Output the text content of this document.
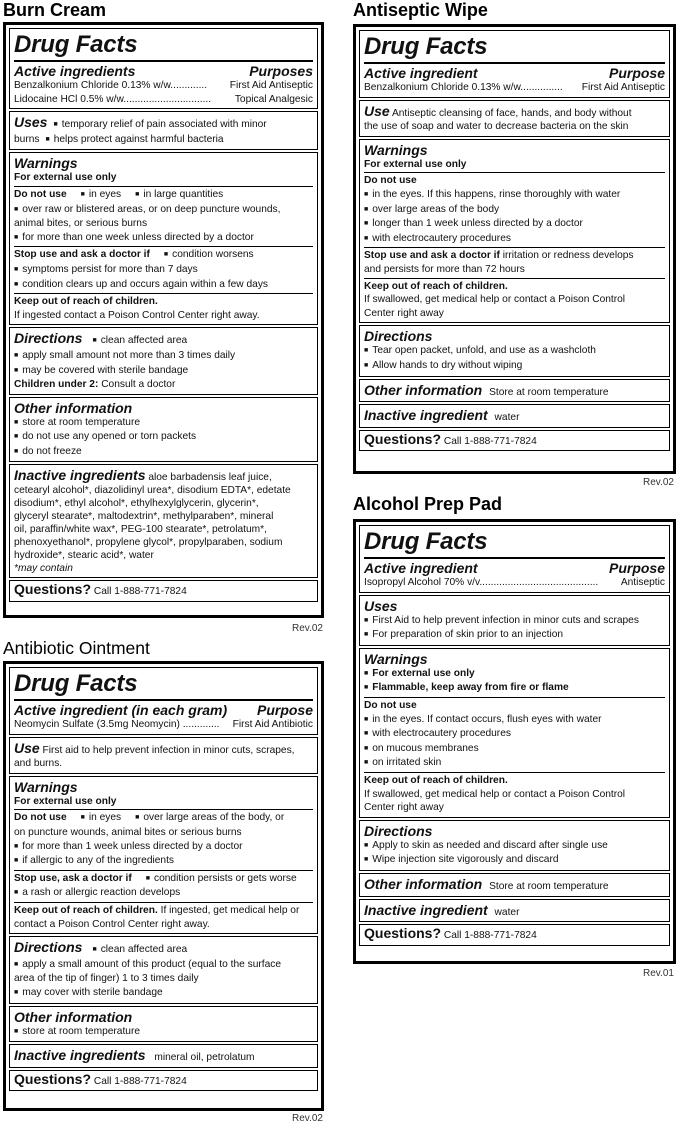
Burn Cream
Drug Facts
Active ingredients	Purposes
Benzalkonium Chloride 0.13% w/w............. First Aid Antiseptic
Lidocaine HCl 0.5% w/w............................... Topical Analgesic
Uses ■ temporary relief of pain associated with minor
burns ■ helps protect against harmful bacteria
Warnings
For external use only
Do not use ■ in eyes ■ in large quantities
■ over raw or blistered areas, or on deep puncture wounds,
animal bites, or serious burns
■ for more than one week unless directed by a doctor
Stop use and ask a doctor if ■ condition worsens
■ symptoms persist for more than 7 days
■ condition clears up and occurs again within a few days
Keep out of reach of children.
If ingested contact a Poison Control Center right away.
Directions ■ clean affected area
■ apply small amount not more than 3 times daily
■ may be covered with sterile bandage
Children under 2: Consult a doctor
Other information
■ store at room temperature
■ do not use any opened or torn packets
■ do not freeze
Inactive ingredients aloe barbadensis leaf juice,
cetearyl alcohol*, diazolidinyl urea*, disodium EDTA*, edetate
disodium*, ethyl alcohol*, ethylhexylglycerin, glycerin*,
glyceryl stearate*, maltodextrin*, methylparaben*, mineral
oil, paraffin/white wax*, PEG-100 stearate*, petrolatum*,
phenoxyethanol*, propylene glycol*, propylparaben, sodium
hydroxide*, stearic acid*, water
*may contain
Questions? Call 1-888-771-7824
Rev.02
Antibiotic Ointment
Drug Facts
Active ingredient (in each gram) Purpose
Neomycin Sulfate (3.5mg Neomycin) ............. First Aid Antibiotic
Use First aid to help prevent infection in minor cuts, scrapes,
and burns.
Warnings
For external use only
Do not use ■ in eyes ■ over large areas of the body, or
on puncture wounds, animal bites or serious burns
■ for more than 1 week unless directed by a doctor
■ if allergic to any of the ingredients
Stop use, ask a doctor if ■ condition persists or gets worse
■ a rash or allergic reaction develops
Keep out of reach of children. If ingested, get medical help or
contact a Poison Control Center right away.
Directions ■ clean affected area
■ apply a small amount of this product (equal to the surface
area of the tip of finger) 1 to 3 times daily
■ may cover with sterile bandage
Other information
■ store at room temperature
Inactive ingredients mineral oil, petrolatum
Questions? Call 1-888-771-7824
Rev.02
Antiseptic Wipe
Drug Facts
Active ingredient	Purpose
Benzalkonium Chloride 0.13% w/w............... First Aid Antiseptic
Use Antiseptic cleansing of face, hands, and body without
the use of soap and water to decrease bacteria on the skin
Warnings
For external use only
Do not use
■ in the eyes. If this happens, rinse thoroughly with water
■ over large areas of the body
■ longer than 1 week unless directed by a doctor
■ with electrocautery procedures
Stop use and ask a doctor if irritation or redness develops
and persists for more than 72 hours
Keep out of reach of children.
If swallowed, get medical help or contact a Poison Control
Center right away
Directions
■ Tear open packet, unfold, and use as a washcloth
■ Allow hands to dry without wiping
Other information Store at room temperature
Inactive ingredient water
Questions? Call 1-888-771-7824
Rev.02
Alcohol Prep Pad
Drug Facts
Active ingredient	Purpose
Isopropyl Alcohol 70% v/v.......................................... Antiseptic
Uses
■ First Aid to help prevent infection in minor cuts and scrapes
■ For preparation of skin prior to an injection
Warnings
■ For external use only
■ Flammable, keep away from fire or flame
Do not use
■ in the eyes. If contact occurs, flush eyes with water
■ with electrocautery procedures
■ on mucous membranes
■ on irritated skin
Keep out of reach of children.
If swallowed, get medical help or contact a Poison Control
Center right away
Directions
■ Apply to skin as needed and discard after single use
■ Wipe injection site vigorously and discard
Other information Store at room temperature
Inactive ingredient water
Questions? Call 1-888-771-7824
Rev.01
